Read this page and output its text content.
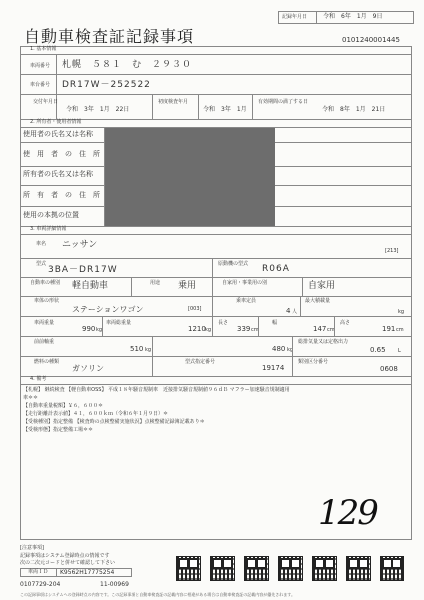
記録年月日	令和　6年　1月　9日
自動車検査証記録事項	0101240001445
1. 基本情報
車両番号 札幌　５８１　む　２９３０
車台番号 DR17W－252522
交付年月日
令和　3年　1月　22日
初度検査年月
令和　3年　1月
有効期間の満了する日
令和　8年　1月　21日
2. 所有者・使用者情報
使用者の氏名又は名称
使　用　者　の　住　所
所有者の氏名又は名称
所　有　者　の　住　所
使用の本拠の位置
3. 車両詳細情報
車名 ニッサン
[213]
型式
3BA－DR17W
原動機の型式 R06A
自動車の種別 軽自動車	用途 乗用	自家用・事業用の別	自家用
車体の形状
ステーションワゴン	[003]
乗車定員
4 人
最大積載量
kg
車両重量
990 kg
車両総重量
1210 kg
長さ
339 cm
幅
147 cm
高さ
191 cm
前前軸重
510 kg	480 kg
総排気量又は定格出力
0.65 L
燃料の種類
ガソリン
型式指定番号
19174
類別区分番号
0608
4. 備考
【札幌】 継続検査 【軽自動車OSS】 平成１８年騒音規制車　近接排気騒音規制値９６ｄＢ マフラー加速騒音規制適用
車＊＊
【自動車重量税額】￥６，６００＊
【走行距離計表示値】４１，６００ｋｍ（令和６年１月９日）＊
【受検種別】指定整備 【検査時の点検整備実施状況】点検整備記録簿記載あり＊
【受検形態】指定整備工場＊＊
129
[注意事項]
記録事項はシステム登録時点の情報です
次の二次元コードと併せて確認して下さい
車両ＩＤ K9562H17775254
0107729-204	11-00969
この記録事項はシステムへの登録時点の内容です。この記録事項と自動車検査証の記載内容に相違がある場合は自動車検査証の記載内容が優先されます。
